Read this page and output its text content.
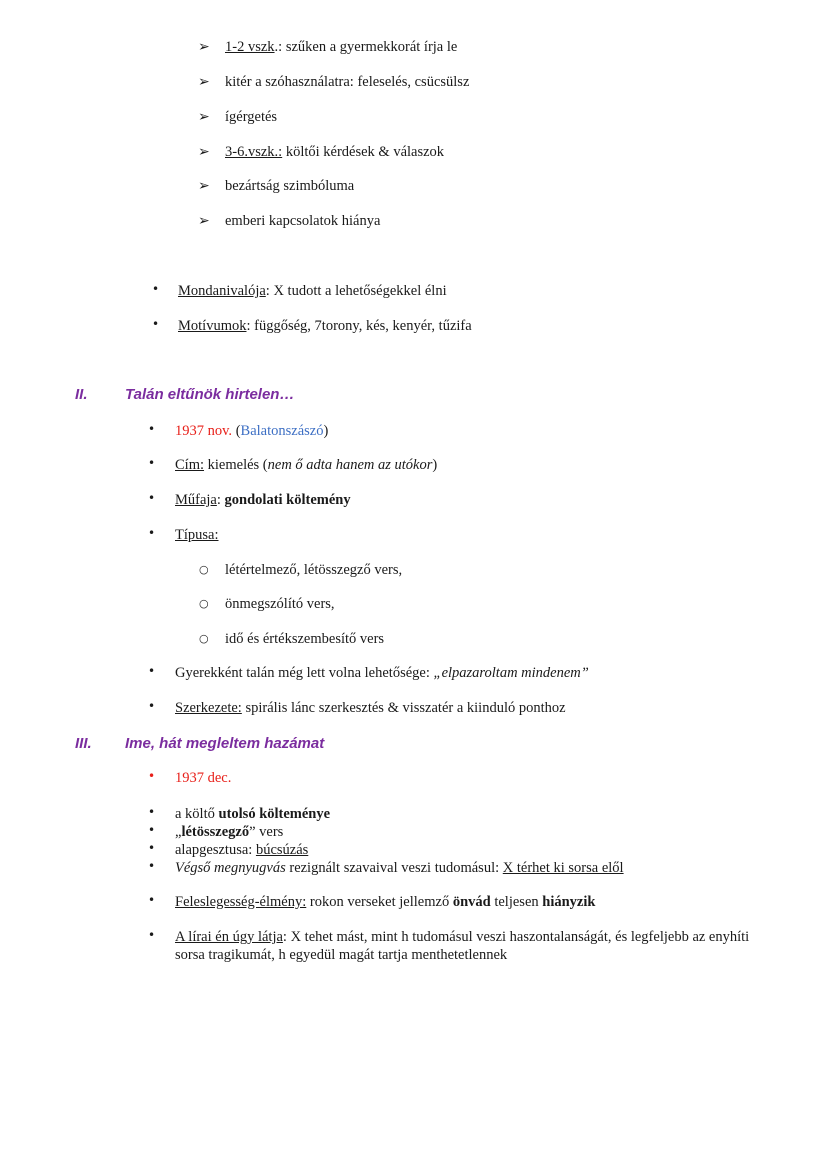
➢ 1-2 vszk.: szűken a gyermekkorát írja le
➢ kitér a szóhasználatra: feleselés, csücsülsz
➢ ígérgetés
➢ 3-6.vszk.: költői kérdések & válaszok
➢ bezártság szimbóluma
➢ emberi kapcsolatok hiánya
• Mondanivalója: X tudott a lehetőségekkel élni
• Motívumok: függőség, 7torony, kés, kenyér, tűzifa
II. Talán eltűnök hirtelen…
• 1937 nov. (Balatonszászó)
• Cím: kiemelés (nem ő adta hanem az utókor)
• Műfaja: gondolati költemény
• Típusa:
○ létértelmező, létösszegző vers,
○ önmegszólító vers,
○ idő és értékszembesítő vers
• Gyerekként talán még lett volna lehetősége: „elpazaroltam mindenem”
• Szerkezete: spirális lánc szerkesztés & visszatér a kiinduló ponthoz
III. Ime, hát megleltem hazámat
• 1937 dec.
• a költő utolsó költeménye
• „létösszegző” vers
• alapgesztusa: búcsúzás
• Végső megnyugvás rezignált szavaival veszi tudomásul: X térhet ki sorsa elől
• Feleslegesség-élmény: rokon verseket jellemző önvád teljesen hiányzik
• A lírai én úgy látja: X tehet mást, mint h tudomásul veszi haszontalanságát, és legfeljebb az enyhíti sorsa tragikumát, h egyedül magát tartja menthetetlennek
